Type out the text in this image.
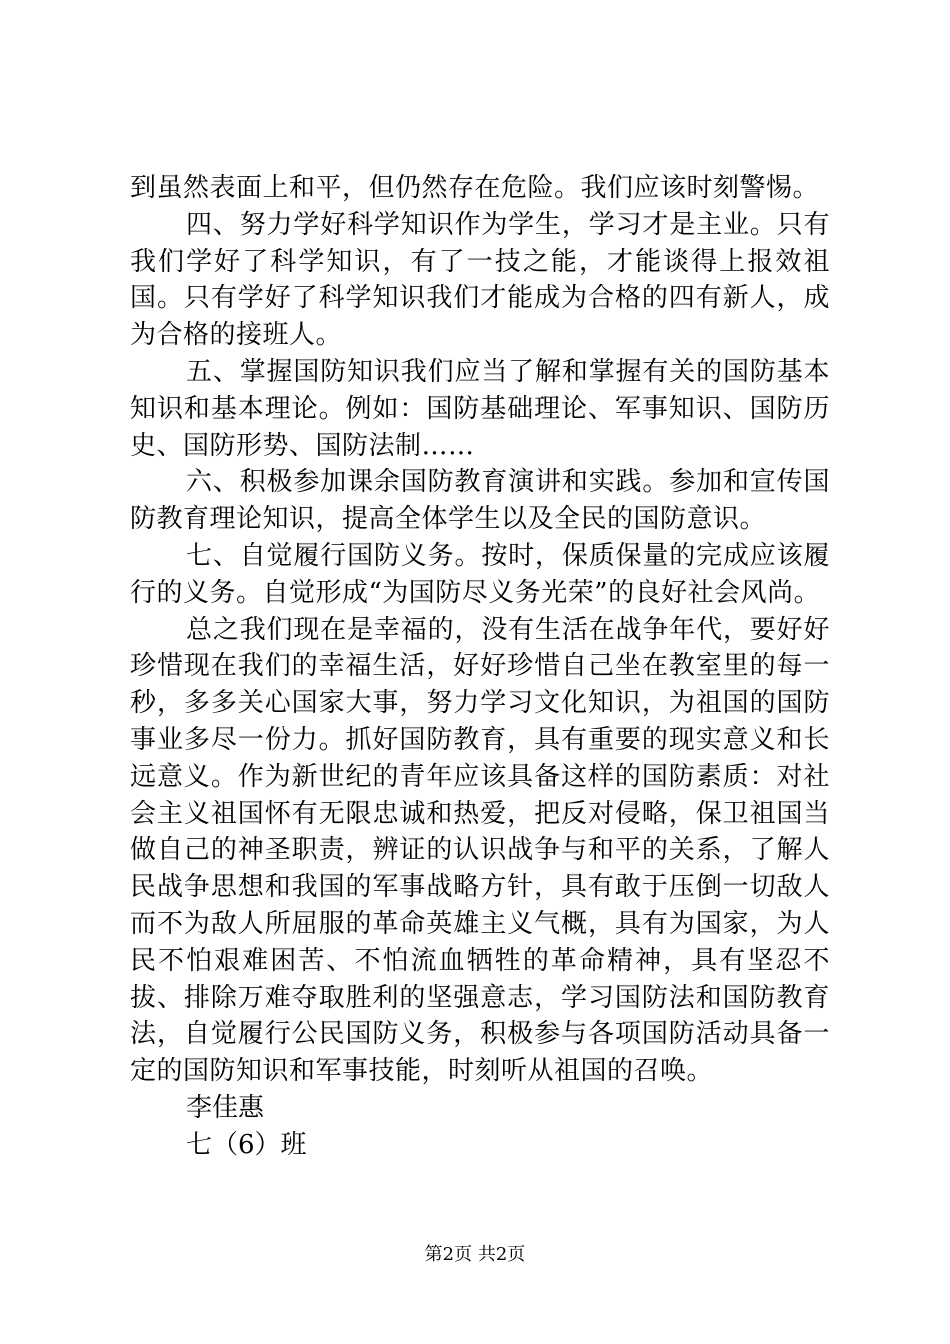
到虽然表面上和平，但仍然存在危险。我们应该时刻警惕。

四、努力学好科学知识作为学生，学习才是主业。只有我们学好了科学知识，有了一技之能，才能谈得上报效祖国。只有学好了科学知识我们才能成为合格的四有新人，成为合格的接班人。

五、掌握国防知识我们应当了解和掌握有关的国防基本知识和基本理论。例如：国防基础理论、军事知识、国防历史、国防形势、国防法制……

六、积极参加课余国防教育演讲和实践。参加和宣传国防教育理论知识，提高全体学生以及全民的国防意识。

七、自觉履行国防义务。按时，保质保量的完成应该履行的义务。自觉形成“为国防尽义务光荣”的良好社会风尚。

总之我们现在是幸福的，没有生活在战争年代，要好好珍惜现在我们的幸福生活，好好珍惜自己坐在教室里的每一秒，多多关心国家大事，努力学习文化知识，为祖国的国防事业多尽一份力。抓好国防教育，具有重要的现实意义和长远意义。作为新世纪的青年应该具备这样的国防素质：对社会主义祖国怀有无限忠诚和热爱，把反对侵略，保卫祖国当做自己的神圣职责，辨证的认识战争与和平的关系，了解人民战争思想和我国的军事战略方针，具有敢于压倒一切敌人而不为敌人所屈服的革命英雄主义气概，具有为国家，为人民不怕艰难困苦、不怕流血牺牲的革命精神，具有坚忍不拔、排除万难夺取胜利的坚强意志，学习国防法和国防教育法，自觉履行公民国防义务，积极参与各项国防活动具备一定的国防知识和军事技能，时刻听从祖国的召唤。

李佳惠

七（6）班

第2页 共2页
